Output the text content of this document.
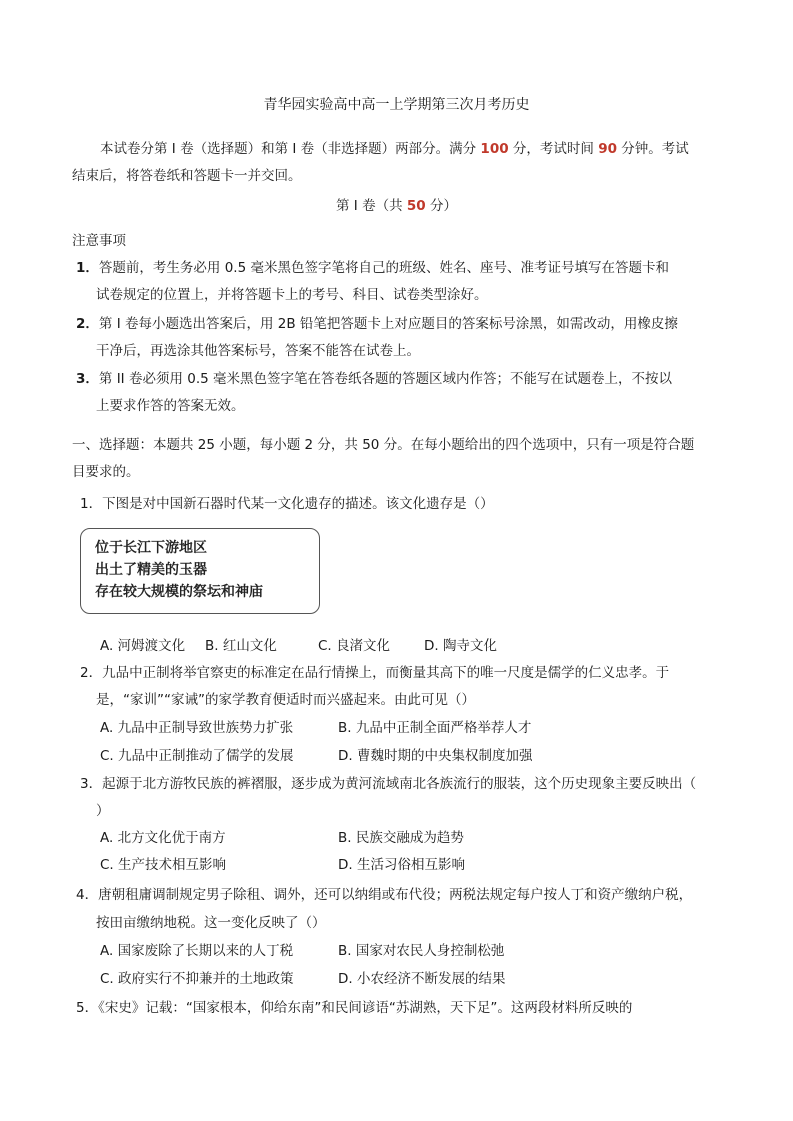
青华园实验高中高一上学期第三次月考历史
本试卷分第 I 卷（选择题）和第 I 卷（非选择题）两部分。满分 100 分，考试时间 90 分钟。考试
结束后，将答卷纸和答题卡一并交回。
第 I 卷（共 50 分）
注意事项
1．答题前，考生务必用 0.5 毫米黑色签字笔将自己的班级、姓名、座号、准考证号填写在答题卡和
试卷规定的位置上，并将答题卡上的考号、科目、试卷类型涂好。
2．第 I 卷每小题选出答案后，用 2B 铅笔把答题卡上对应题目的答案标号涂黑，如需改动，用橡皮擦
干净后，再选涂其他答案标号，答案不能答在试卷上。
3．第 II 卷必须用 0.5 毫米黑色签字笔在答卷纸各题的答题区域内作答；不能写在试题卷上，不按以
上要求作答的答案无效。
一、选择题：本题共 25 小题，每小题 2 分，共 50 分。在每小题给出的四个选项中，只有一项是符合题
目要求的。
1．下图是对中国新石器时代某一文化遗存的描述。该文化遗存是（）
位于长江下游地区
出土了精美的玉器
存在较大规模的祭坛和神庙
A. 河姆渡文化 B. 红山文化	C. 良渚文化	D. 陶寺文化
2．九品中正制将举官察吏的标准定在品行情操上，而衡量其高下的唯一尺度是儒学的仁义忠孝。于
是，“家训”“家诫”的家学教育便适时而兴盛起来。由此可见（）
A. 九品中正制导致世族势力扩张	B. 九品中正制全面严格举荐人才
C. 九品中正制推动了儒学的发展	D. 曹魏时期的中央集权制度加强
3．起源于北方游牧民族的裤褶服，逐步成为黄河流域南北各族流行的服装，这个历史现象主要反映出（
）
A. 北方文化优于南方	B. 民族交融成为趋势
C. 生产技术相互影响	D. 生活习俗相互影响
4．唐朝租庸调制规定男子除租、调外，还可以纳绢或布代役；两税法规定每户按人丁和资产缴纳户税，
按田亩缴纳地税。这一变化反映了（）
A. 国家废除了长期以来的人丁税	B. 国家对农民人身控制松弛
C. 政府实行不抑兼并的土地政策	D. 小农经济不断发展的结果
5．《宋史》记载：“国家根本，仰给东南”和民间谚语“苏湖熟，天下足”。这两段材料所反映的
